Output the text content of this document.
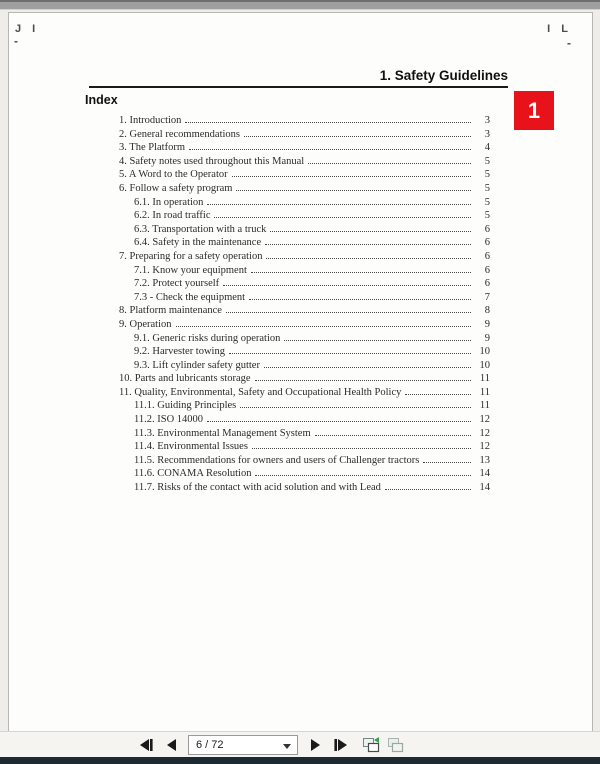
J I
-
I L
-
1. Safety Guidelines
1
Index
1. Introduction	3
2. General recommendations	3
3. The Platform	4
4. Safety notes used throughout this Manual	5
5. A Word to the Operator	5
6. Follow a safety program	5
6.1. In operation	5
6.2. In road traffic	5
6.3. Transportation with a truck	6
6.4. Safety in the maintenance	6
7. Preparing for a safety operation	6
7.1. Know your equipment	6
7.2. Protect yourself	6
7.3 - Check the equipment	7
8. Platform maintenance	8
9. Operation	9
9.1. Generic risks during operation	9
9.2. Harvester towing	10
9.3. Lift cylinder safety gutter	10
10. Parts and lubricants storage	11
11. Quality, Environmental, Safety and Occupational Health Policy	11
11.1. Guiding Principles	11
11.2. ISO 14000	12
11.3. Environmental Management System	12
11.4. Environmental Issues	12
11.5. Recommendations for owners and users of Challenger tractors	13
11.6. CONAMA Resolution	14
11.7. Risks of the contact with acid solution and with Lead	14
6 / 72
